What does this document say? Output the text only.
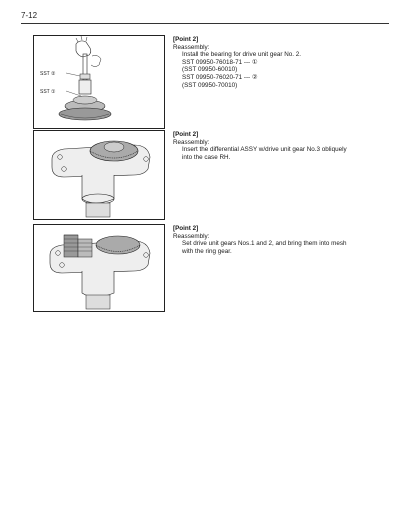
7-12
SST ②
SST ①
[Point 2]
Reassembly:
Install the bearing for drive unit gear No. 2.
SST 09950-76018-71 --- ①
(SST 09950-60010)
SST 09950-76020-71 --- ②
(SST 09950-70010)
[Point 2]
Reassembly:
Insert the differential ASSY w/drive unit gear No.3 obliquely
into the case RH.
[Point 2]
Reassembly:
Set drive unit gears Nos.1 and 2, and bring them into mesh
with the ring gear.
